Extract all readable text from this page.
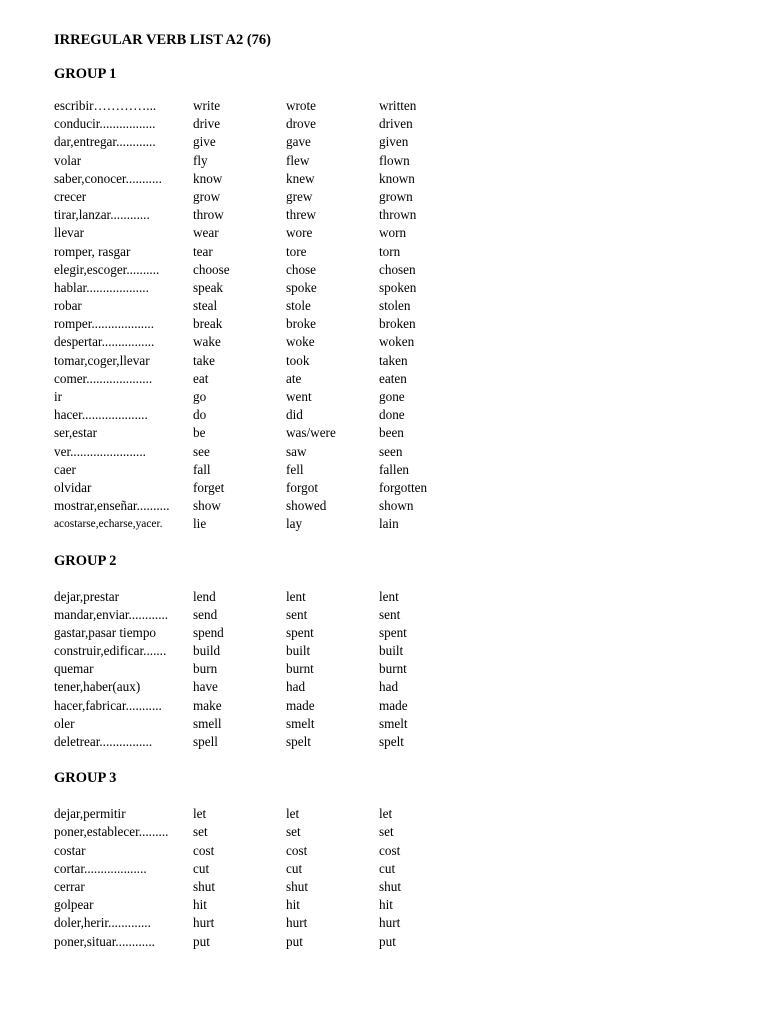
IRREGULAR VERB LIST A2 (76)
GROUP 1
escribir…………...	write	wrote	written
conducir.................	drive	drove	driven
dar,entregar............	give	gave	given
volar	fly	flew	flown
saber,conocer...........	know	knew	known
crecer	grow	grew	grown
tirar,lanzar............	throw	threw	thrown
llevar	wear	wore	worn
romper, rasgar	tear	tore	torn
elegir,escoger..........	choose	chose	chosen
hablar...................	speak	spoke	spoken
robar	steal	stole	stolen
romper...................	break	broke	broken
despertar................	wake	woke	woken
tomar,coger,llevar	take	took	taken
comer....................	eat	ate	eaten
ir	go	went	gone
hacer....................	do	did	done
ser,estar	be	was/were	been
ver.......................	see	saw	seen
caer	fall	fell	fallen
olvidar	forget	forgot	forgotten
mostrar,enseñar..........	show	showed	shown
acostarse,echarse,yacer.	lie	lay	lain
GROUP 2
dejar,prestar	lend	lent	lent
mandar,enviar............	send	sent	sent
gastar,pasar tiempo	spend	spent	spent
construir,edificar.......	build	built	built
quemar	burn	burnt	burnt
tener,haber(aux)	have	had	had
hacer,fabricar...........	make	made	made
oler	smell	smelt	smelt
deletrear................	spell	spelt	spelt
GROUP 3
dejar,permitir	let	let	let
poner,establecer.........	set	set	set
costar	cost	cost	cost
cortar...................	cut	cut	cut
cerrar	shut	shut	shut
golpear	hit	hit	hit
doler,herir.............	hurt	hurt	hurt
poner,situar............	put	put	put
